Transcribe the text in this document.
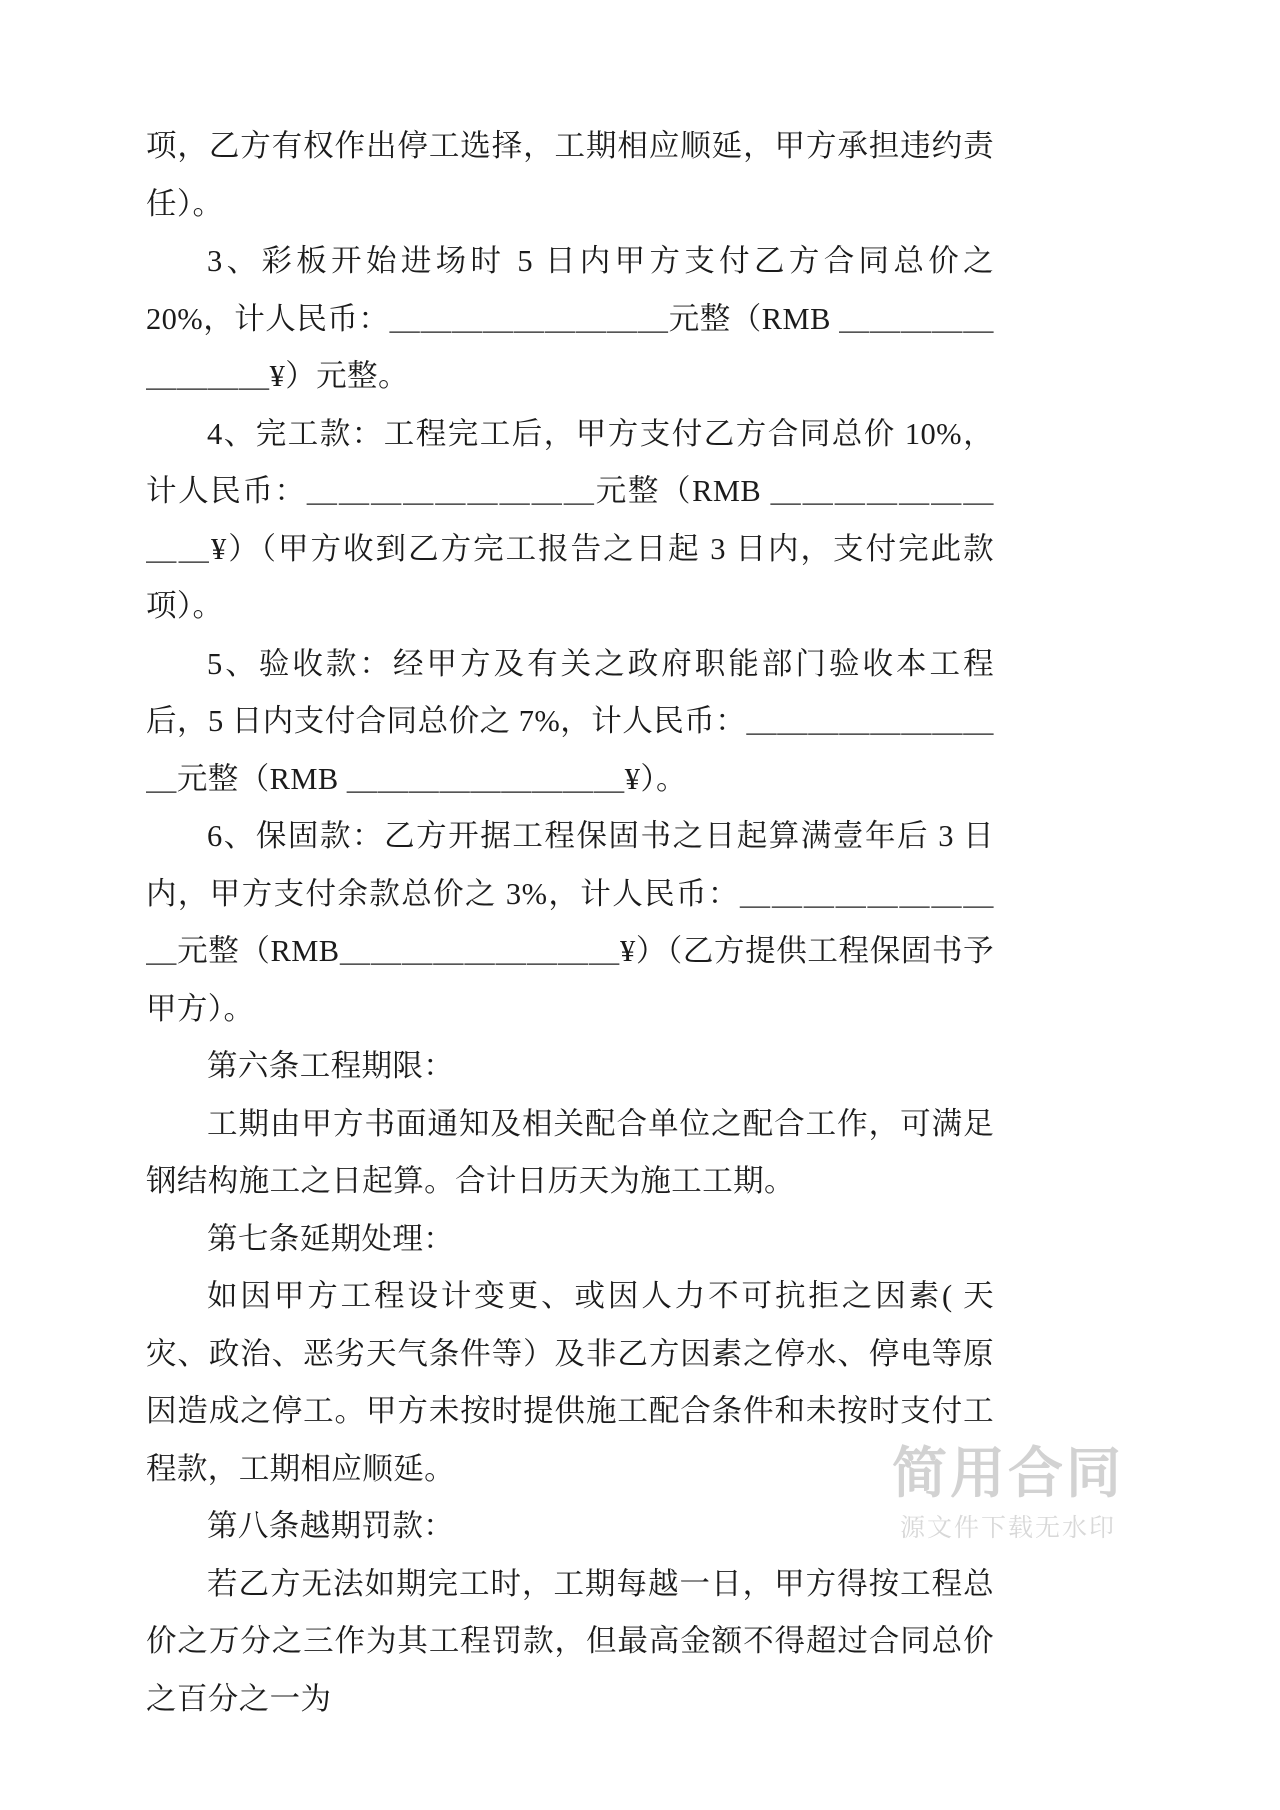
项，乙方有权作出停工选择，工期相应顺延，甲方承担违约责任）。

3、彩板开始进场时 5 日内甲方支付乙方合同总价之 20%，计人民币：＿＿＿＿＿＿＿＿＿元整（RMB ＿＿＿＿＿＿＿＿＿¥）元整。

4、完工款：工程完工后，甲方支付乙方合同总价 10%，计人民币：＿＿＿＿＿＿＿＿＿元整（RMB ＿＿＿＿＿＿＿＿＿¥）（甲方收到乙方完工报告之日起 3 日内，支付完此款项）。

5、验收款：经甲方及有关之政府职能部门验收本工程后，5 日内支付合同总价之 7%，计人民币：＿＿＿＿＿＿＿＿＿元整（RMB ＿＿＿＿＿＿＿＿＿¥）。

6、保固款：乙方开据工程保固书之日起算满壹年后 3 日内，甲方支付余款总价之 3%，计人民币：＿＿＿＿＿＿＿＿＿元整（RMB＿＿＿＿＿＿＿＿＿¥）（乙方提供工程保固书予甲方）。

第六条工程期限：

工期由甲方书面通知及相关配合单位之配合工作，可满足钢结构施工之日起算。合计日历天为施工工期。

第七条延期处理：

如因甲方工程设计变更、或因人力不可抗拒之因素( 天灾、政治、恶劣天气条件等）及非乙方因素之停水、停电等原因造成之停工。甲方未按时提供施工配合条件和未按时支付工程款，工期相应顺延。

第八条越期罚款：

若乙方无法如期完工时，工期每越一日，甲方得按工程总价之万分之三作为其工程罚款，但最高金额不得超过合同总价之百分之一为

简用合同
源文件下载无水印
